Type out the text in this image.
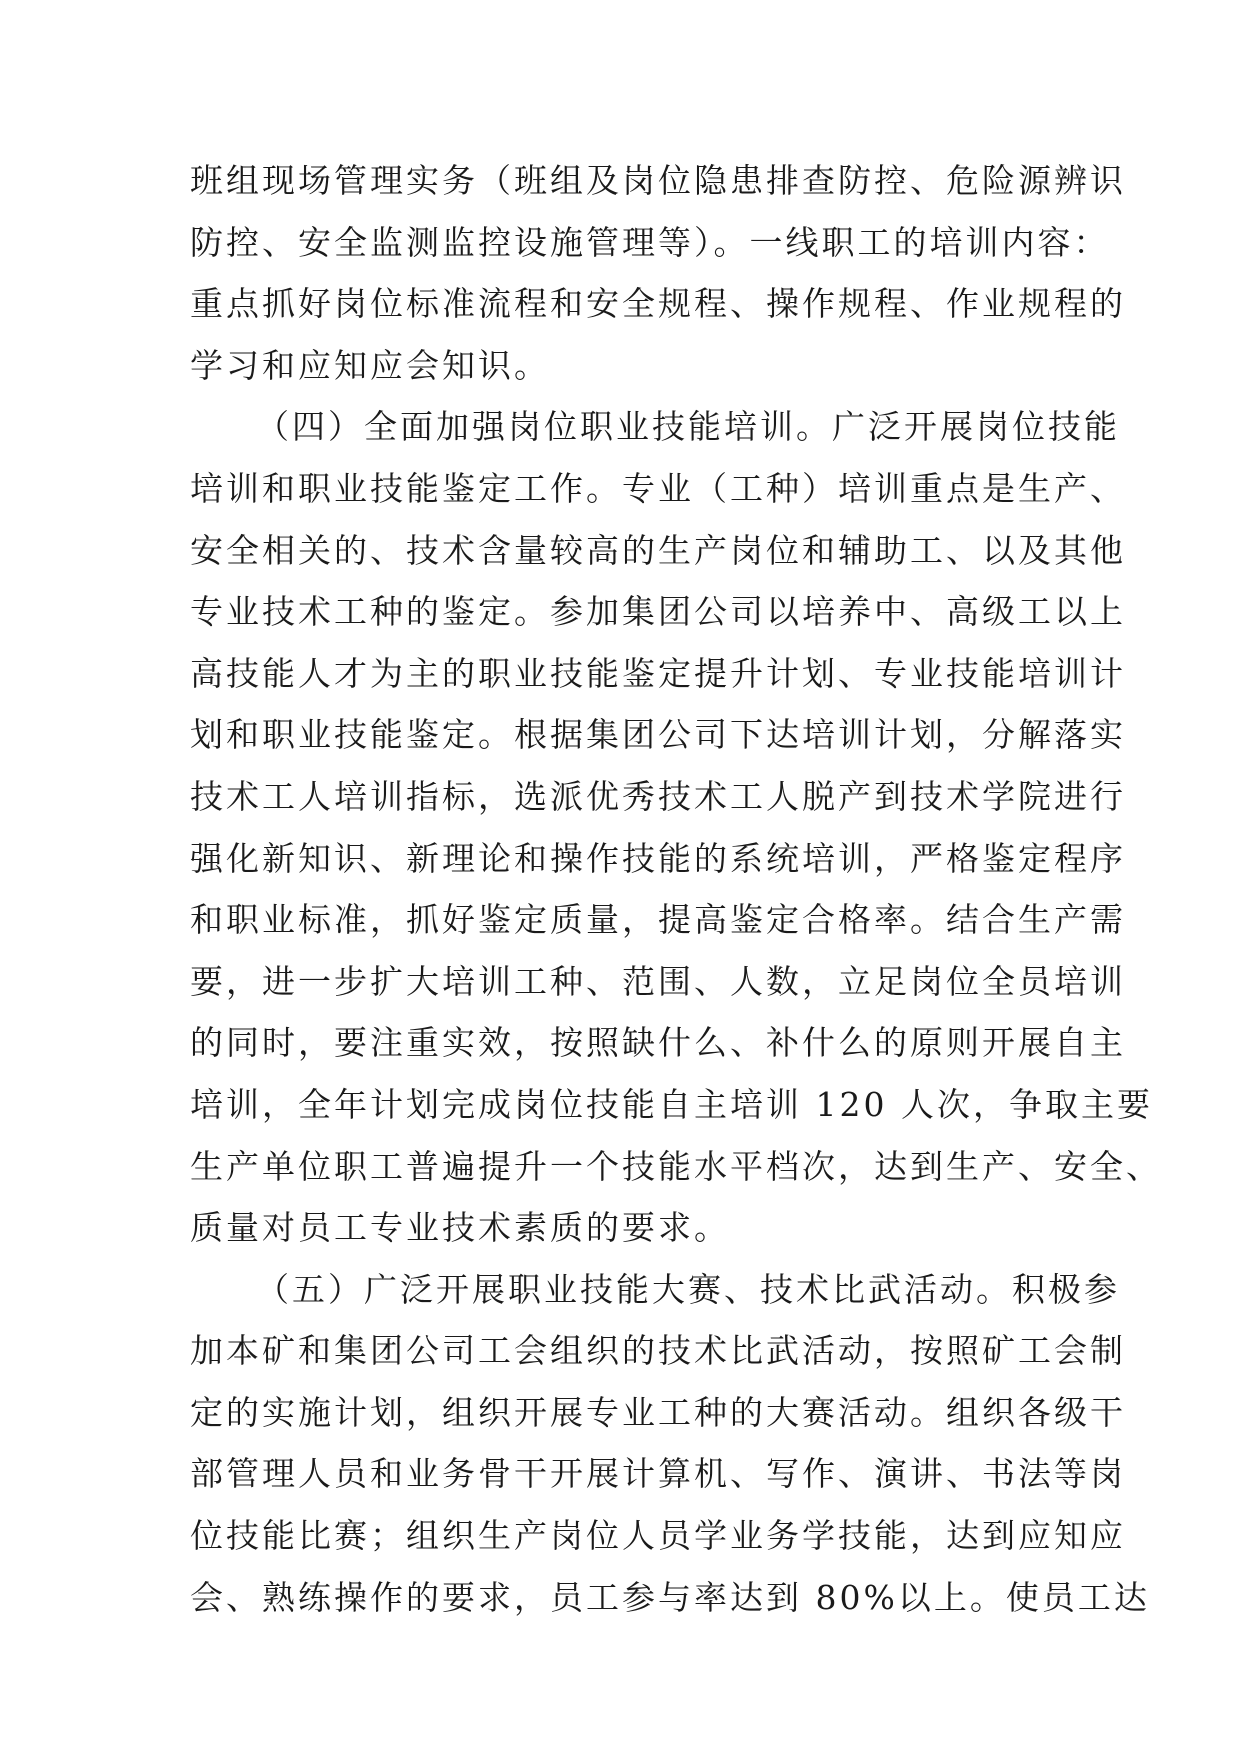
班组现场管理实务（班组及岗位隐患排查防控、危险源辨识
防控、安全监测监控设施管理等）。一线职工的培训内容：
重点抓好岗位标准流程和安全规程、操作规程、作业规程的
学习和应知应会知识。
（四）全面加强岗位职业技能培训。广泛开展岗位技能
培训和职业技能鉴定工作。专业（工种）培训重点是生产、
安全相关的、技术含量较高的生产岗位和辅助工、以及其他
专业技术工种的鉴定。参加集团公司以培养中、高级工以上
高技能人才为主的职业技能鉴定提升计划、专业技能培训计
划和职业技能鉴定。根据集团公司下达培训计划，分解落实
技术工人培训指标，选派优秀技术工人脱产到技术学院进行
强化新知识、新理论和操作技能的系统培训，严格鉴定程序
和职业标准，抓好鉴定质量，提高鉴定合格率。结合生产需
要，进一步扩大培训工种、范围、人数，立足岗位全员培训
的同时，要注重实效，按照缺什么、补什么的原则开展自主
培训，全年计划完成岗位技能自主培训 120 人次，争取主要
生产单位职工普遍提升一个技能水平档次，达到生产、安全、
质量对员工专业技术素质的要求。
（五）广泛开展职业技能大赛、技术比武活动。积极参
加本矿和集团公司工会组织的技术比武活动，按照矿工会制
定的实施计划，组织开展专业工种的大赛活动。组织各级干
部管理人员和业务骨干开展计算机、写作、演讲、书法等岗
位技能比赛；组织生产岗位人员学业务学技能，达到应知应
会、熟练操作的要求，员工参与率达到 80%以上。使员工达
